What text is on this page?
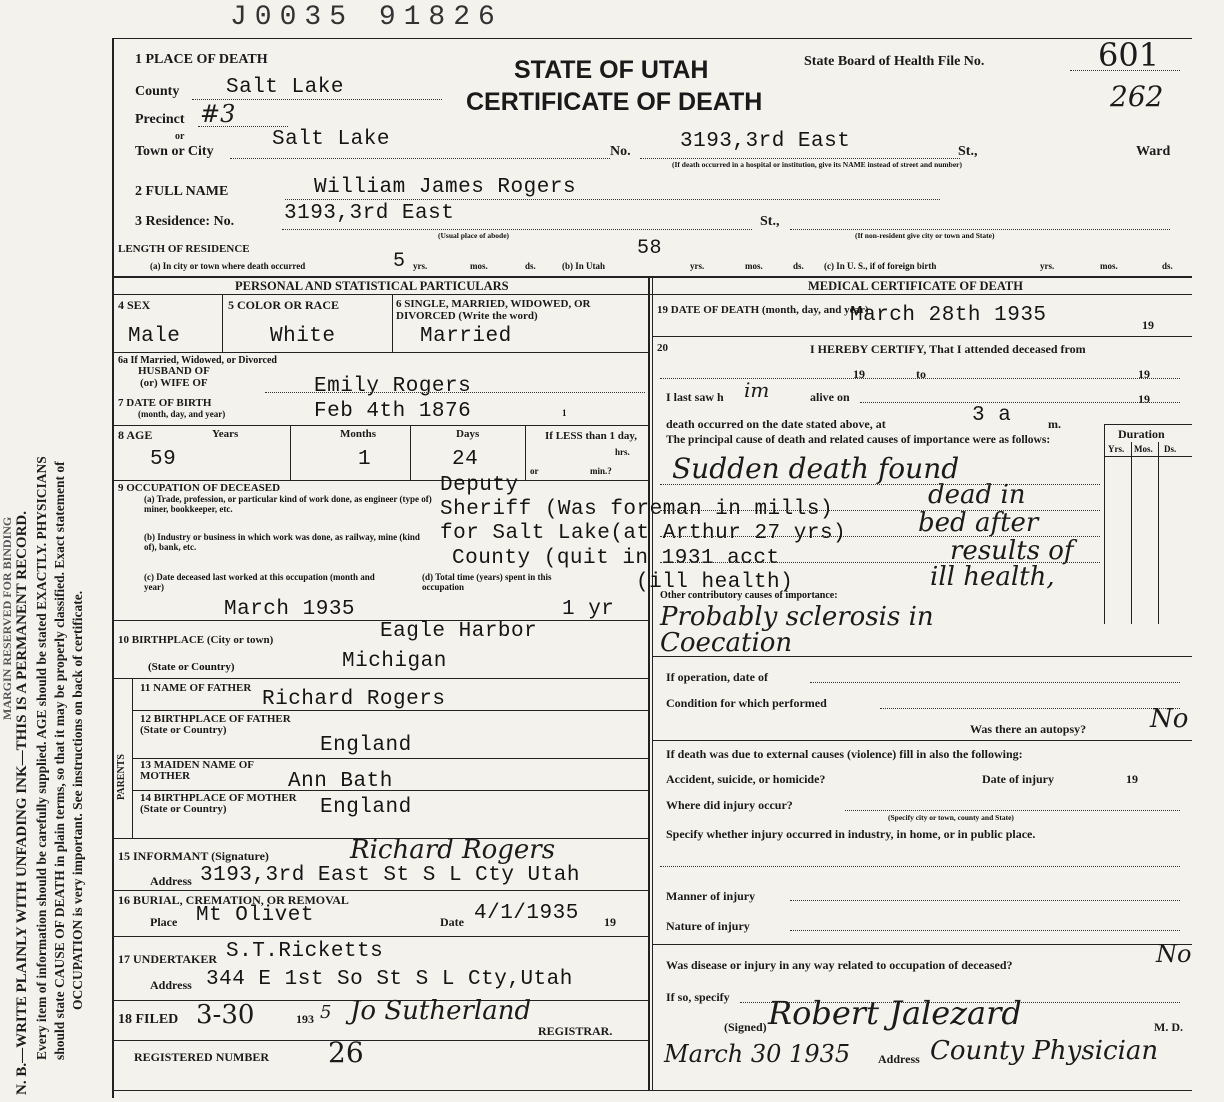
N. B.—WRITE PLAINLY WITH UNFADING INK—THIS IS A PERMANENT RECORD. Every item of information should be carefully supplied. AGE should be stated EXACTLY. PHYSICIANS should state CAUSE OF DEATH in plain terms, so that it may be properly classified. Exact statement of OCCUPATION is very important. See instructions on back of certificate.
MARGIN RESERVED FOR BINDING
J0035 91826
1 PLACE OF DEATH	STATE OF UTAH
CERTIFICATE OF DEATH
State Board of Health File No.	601
262
County Salt Lake
Precinct #3
or
Town or City
Salt Lake
No. 3193,3rd East	St.,	Ward
(If death occurred in a hospital or institution, give its NAME instead of street and number)
2 FULL NAME	William James Rogers
3 Residence: No. 3193,3rd East	St.,
(Usual place of abode)	(If non-resident give city or town and State)
LENGTH OF RESIDENCE
(a) In city or town where death occurred	5 yrs.	mos.	ds.	(b) In Utah
58
yrs.	mos.	ds. (c) In U. S., if of foreign birth	yrs.	mos.	ds.
PERSONAL AND STATISTICAL PARTICULARS	MEDICAL CERTIFICATE OF DEATH
4 SEX	5 COLOR OR RACE	6 SINGLE, MARRIED, WIDOWED, OR DIVORCED (Write the word)
Male	White	Married
6a If Married, Widowed, or Divorced
HUSBAND OF
(or) WIFE OF	Emily Rogers
7 DATE OF BIRTH
(month, day, and year)	Feb 4th 1876	1
8 AGE	Years	Months	Days	If LESS than 1 day,
hrs.
or	min.?
59	1	24
9 OCCUPATION OF DECEASED
(a) Trade, profession, or particular kind of work done, as engineer (type of) miner, bookkeeper, etc.
(b) Industry or business in which work was done, as railway, mine (kind of), bank, etc.
(c) Date deceased last worked at this occupation (month and year)
(d) Total time (years) spent in this occupation
Deputy
Sheriff (Was foreman in mills)
for Salt Lake(at Arthur 27 yrs)
County (quit in 1931 acct
(ill health)
March 1935	1 yr
10 BIRTHPLACE (City or town)	Eagle Harbor
(State or Country)	Michigan
PARENTS
11 NAME OF FATHER Richard Rogers
12 BIRTHPLACE OF FATHER (State or Country)
England
13 MAIDEN NAME OF MOTHER	Ann Bath
14 BIRTHPLACE OF MOTHER (State or Country)	England
15 INFORMANT (Signature)	Richard Rogers
Address 3193,3rd East St S L Cty Utah
16 BURIAL, CREMATION, OR REMOVAL
Place Mt Olivet	Date 4/1/1935 19
17 UNDERTAKER S.T.Ricketts
Address 344 E 1st So St S L Cty,Utah
18 FILED 3-30	193 5 Jo Sutherland
REGISTRAR.
REGISTERED NUMBER 26
19 DATE OF DEATH (month, day, and year)
March 28th 1935	19
20	I HEREBY CERTIFY, That I attended deceased from
to
19	19
I last saw h im	alive on	19
death occurred on the date stated above, at	3 a	m.
The principal cause of death and related causes of importance were as follows:	Duration
Yrs. Mos. Ds.
Sudden death found
dead in
bed after
results of
ill health,
Other contributory causes of importance:
Probably sclerosis in
Coecation
If operation, date of
Condition for which performed
Was there an autopsy? No
If death was due to external causes (violence) fill in also the following:
Accident, suicide, or homicide?	Date of injury	19
Where did injury occur?
(Specify city or town, county and State)
Specify whether injury occurred in industry, in home, or in public place.
Manner of injury
Nature of injury
Was disease or injury in any way related to occupation of deceased?	No
If so, specify
(Signed) Robert Jalezard	M. D.
March 30 1935 Address County Physician
